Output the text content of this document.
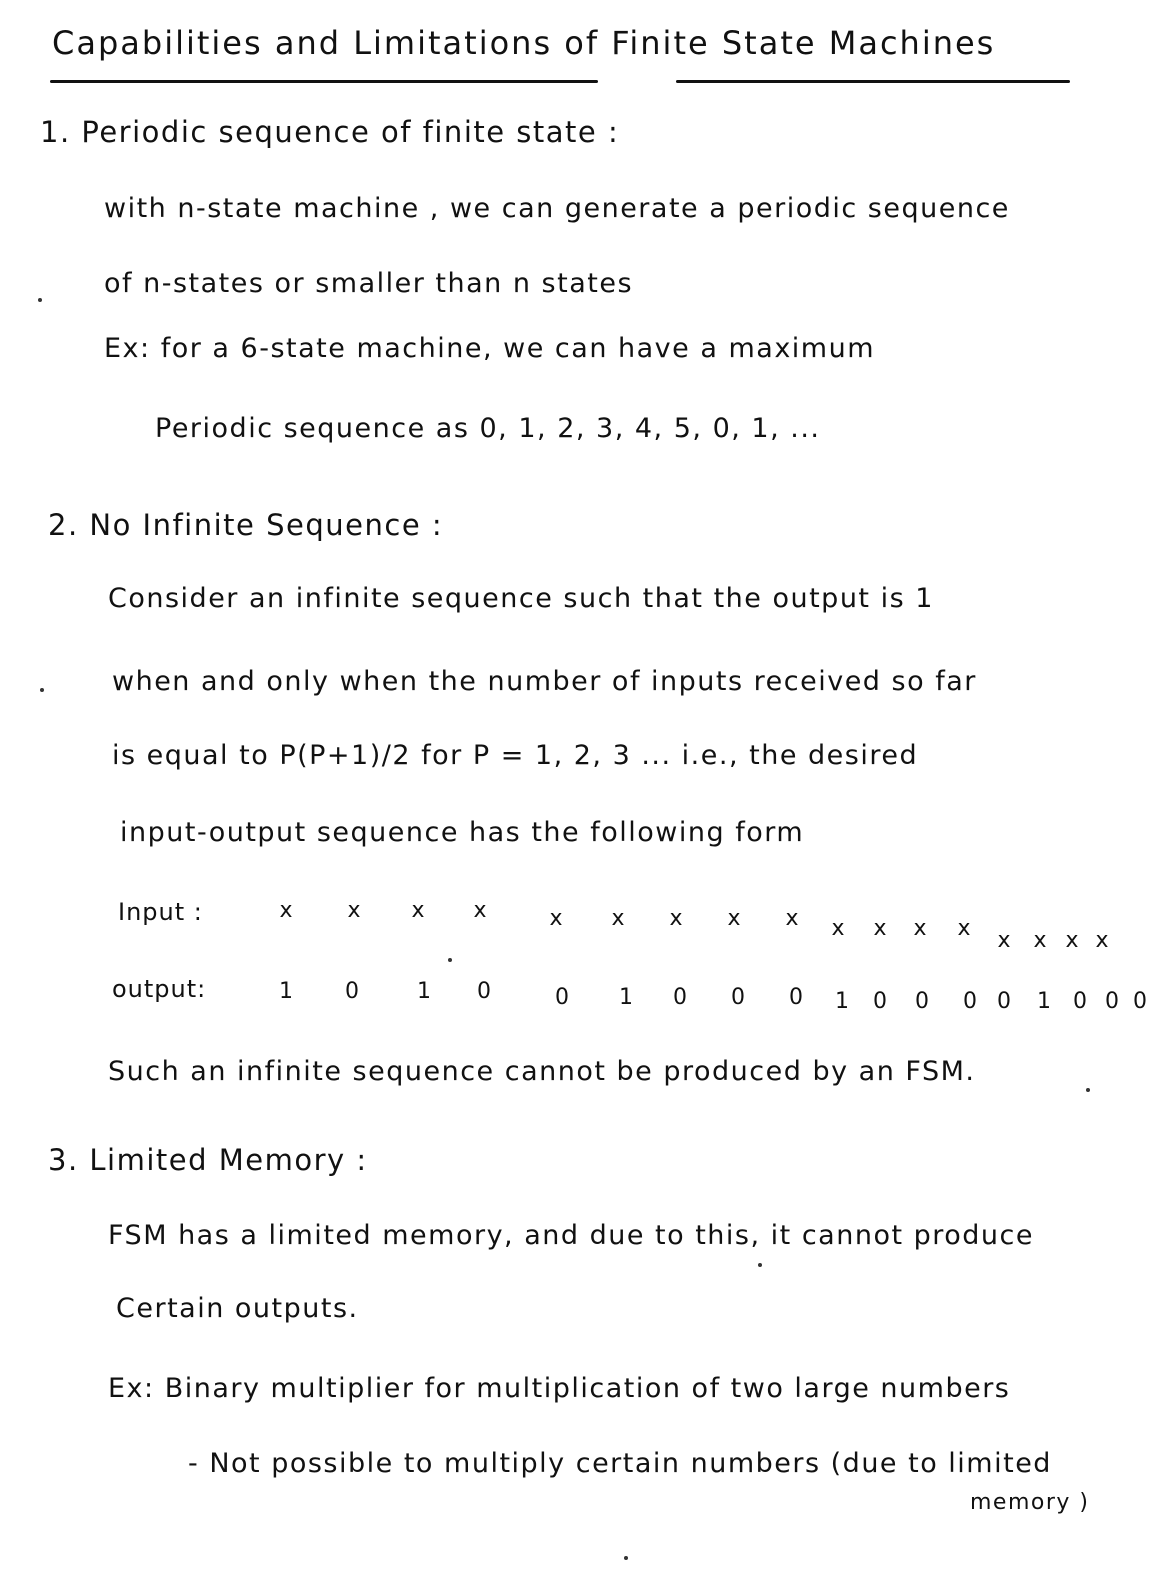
Capabilities and Limitations of Finite State Machines
1. Periodic sequence of finite state :
with n-state machine , we can generate a periodic sequence
of n-states or smaller than n states
Ex: for a 6-state machine, we can have a maximum
Periodic sequence as 0, 1, 2, 3, 4, 5, 0, 1, ...
2. No Infinite Sequence :
Consider an infinite sequence such that the output is 1
when and only when the number of inputs received so far
is equal to P(P+1)/2 for P = 1, 2, 3 ... i.e., the desired
input-output sequence has the following form
Input :	x x x x	x x x x x x x x x x x x x
output:	1 0	1 0	0 1 0 0 0 1 0 0 0 0 1 0 0 0
Such an infinite sequence cannot be produced by an FSM.
3. Limited Memory :
FSM has a limited memory, and due to this, it cannot produce
Certain outputs.
Ex: Binary multiplier for multiplication of two large numbers
- Not possible to multiply certain numbers (due to limited
memory )
